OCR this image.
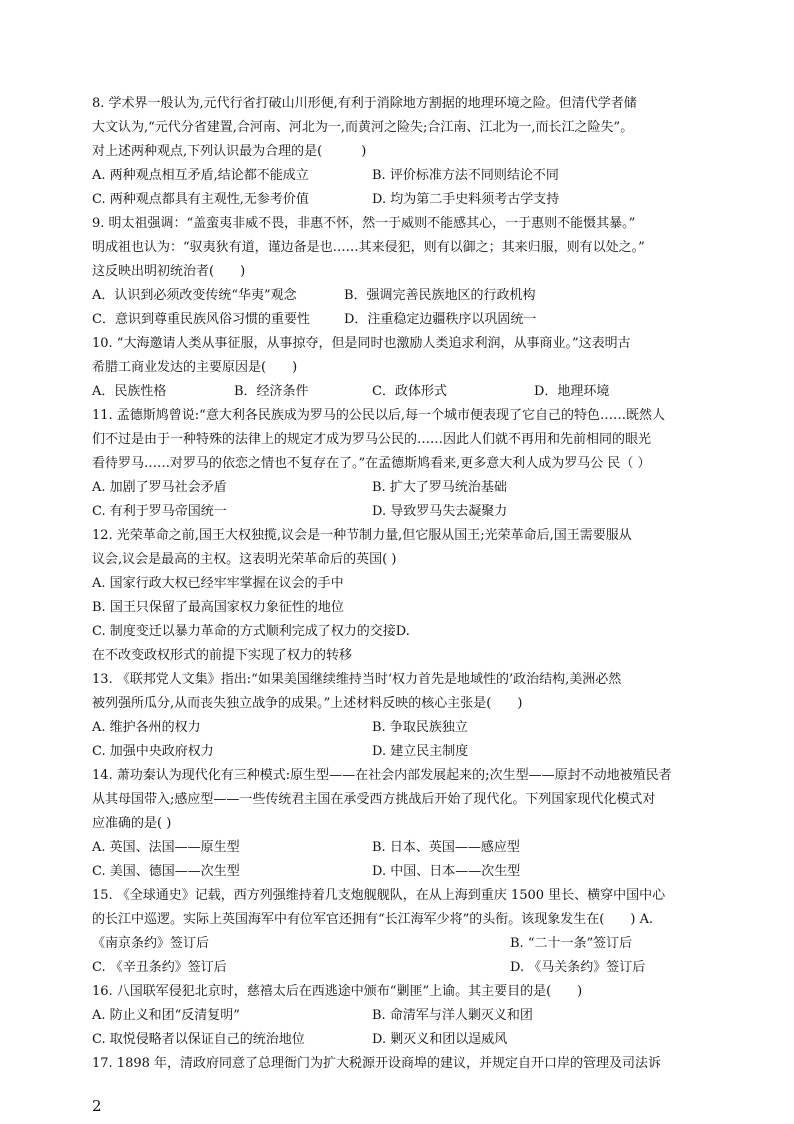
8. 学术界一般认为,元代行省打破山川形便,有利于消除地方割据的地理环境之险。但清代学者储
大文认为,“元代分省建置,合河南、河北为一,而黄河之险失;合江南、江北为一,而长江之险失”。
对上述两种观点,下列认识最为合理的是(　　　)
A. 两种观点相互矛盾,结论都不能成立	B. 评价标准方法不同则结论不同
C. 两种观点都具有主观性,无参考价值	D. 均为第二手史料须考古学支持
9. 明太祖强调：“盖蛮夷非威不畏，非惠不怀，然一于威则不能感其心，一于惠则不能慑其暴。”
明成祖也认为：“驭夷狄有道，谨边备是也……其来侵犯，则有以御之；其来归服，则有以处之。”
这反映出明初统治者(　　)
A．认识到必须改变传统“华夷”观念	B．强调完善民族地区的行政机构
C．意识到尊重民族风俗习惯的重要性	D．注重稳定边疆秩序以巩固统一
10. “大海邀请人类从事征服，从事掠夺，但是同时也激励人类追求利润，从事商业。”这表明古
希腊工商业发达的主要原因是(　　)
A．民族性格	B．经济条件	C．政体形式	D．地理环境
11. 孟德斯鸠曾说:“意大利各民族成为罗马的公民以后,每一个城市便表现了它自己的特色……既然人
们不过是由于一种特殊的法律上的规定才成为罗马公民的……因此人们就不再用和先前相同的眼光
看待罗马……对罗马的依恋之情也不复存在了。”在孟德斯鸠看来,更多意大利人成为罗马公 民（ ）
A. 加剧了罗马社会矛盾	B. 扩大了罗马统治基础
C. 有利于罗马帝国统一	D. 导致罗马失去凝聚力
12. 光荣革命之前,国王大权独揽,议会是一种节制力量,但它服从国王;光荣革命后,国王需要服从
议会,议会是最高的主权。这表明光荣革命后的英国( )
A. 国家行政大权已经牢牢掌握在议会的手中
B. 国王只保留了最高国家权力象征性的地位
C. 制度变迁以暴力革命的方式顺利完成了权力的交接D.
在不改变政权形式的前提下实现了权力的转移
13. 《联邦党人文集》指出:“如果美国继续维持当时‘权力首先是地域性的’政治结构,美洲必然
被列强所瓜分,从而丧失独立战争的成果。”上述材料反映的核心主张是(　　)
A. 维护各州的权力	B. 争取民族独立
C. 加强中央政府权力	D. 建立民主制度
14. 萧功秦认为现代化有三种模式:原生型——在社会内部发展起来的;次生型——原封不动地被殖民者
从其母国带入;感应型——一些传统君主国在承受西方挑战后开始了现代化。下列国家现代化模式对
应准确的是( )
A. 英国、法国——原生型	B. 日本、英国——感应型
C. 美国、德国——次生型	D. 中国、日本——次生型
15. 《全球通史》记载，西方列强维持着几支炮舰舰队，在从上海到重庆 1500 里长、横穿中国中心
的长江中巡逻。实际上英国海军中有位军官还拥有“长江海军少将”的头衔。该现象发生在(　　) A.
《南京条约》签订后	B. “二十一条”签订后
C. 《辛丑条约》签订后	D. 《马关条约》签订后
16. 八国联军侵犯北京时，慈禧太后在西逃途中颁布“剿匪”上谕。其主要目的是(　　)
A. 防止义和团“反清复明”	B. 命清军与洋人剿灭义和团
C. 取悦侵略者以保证自己的统治地位	D. 剿灭义和团以逞威风
17. 1898 年，清政府同意了总理衙门为扩大税源开设商埠的建议，并规定自开口岸的管理及司法诉
2
